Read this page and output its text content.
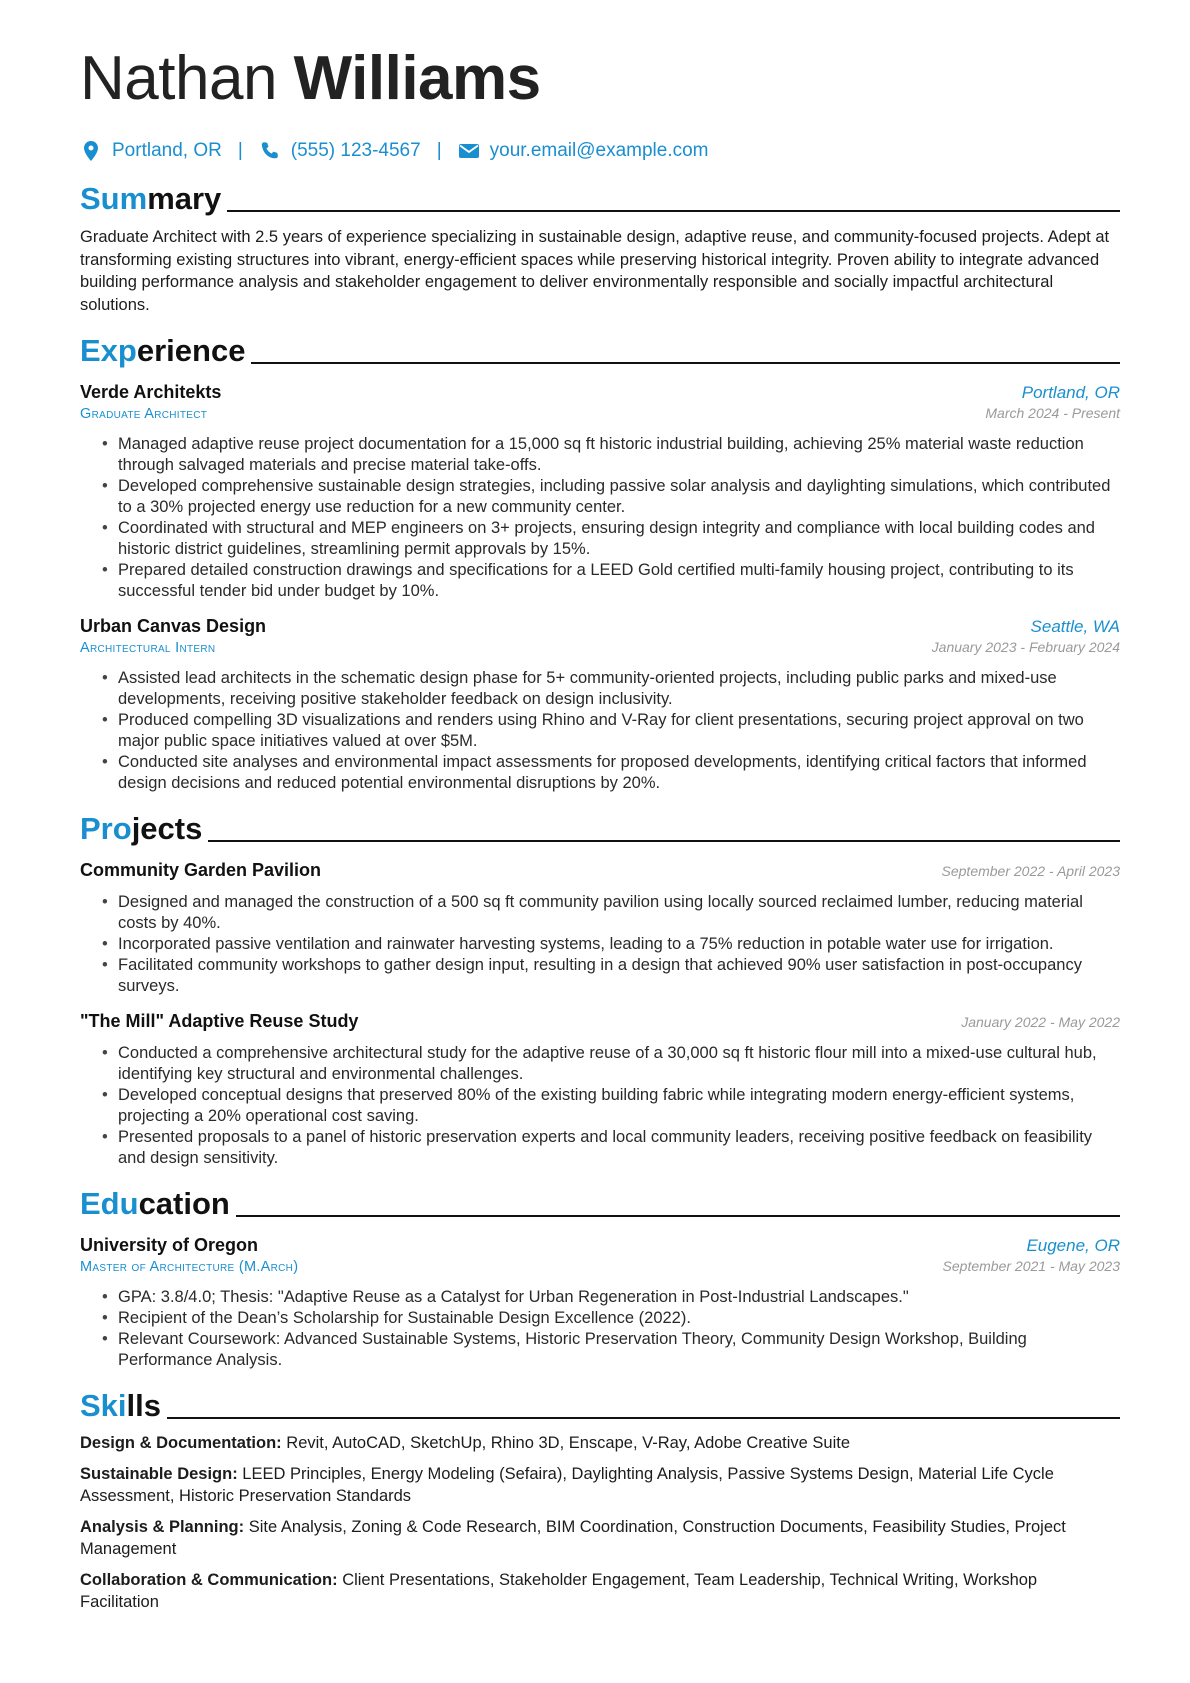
Nathan Williams
Portland, OR |	(555) 123-4567 |	your.email@example.com
Summary
Graduate Architect with 2.5 years of experience specializing in sustainable design, adaptive reuse, and community-focused projects. Adept at transforming existing structures into vibrant, energy-efficient spaces while preserving historical integrity. Proven ability to integrate advanced building performance analysis and stakeholder engagement to deliver environmentally responsible and socially impactful architectural solutions.
Experience
Verde Architekts	Portland, OR
Graduate Architect	March 2024 - Present
• Managed adaptive reuse project documentation for a 15,000 sq ft historic industrial building, achieving 25% material waste reduction through salvaged materials and precise material take-offs.
• Developed comprehensive sustainable design strategies, including passive solar analysis and daylighting simulations, which contributed to a 30% projected energy use reduction for a new community center.
• Coordinated with structural and MEP engineers on 3+ projects, ensuring design integrity and compliance with local building codes and historic district guidelines, streamlining permit approvals by 15%.
• Prepared detailed construction drawings and specifications for a LEED Gold certified multi-family housing project, contributing to its successful tender bid under budget by 10%.
Urban Canvas Design	Seattle, WA
Architectural Intern	January 2023 - February 2024
• Assisted lead architects in the schematic design phase for 5+ community-oriented projects, including public parks and mixed-use developments, receiving positive stakeholder feedback on design inclusivity.
• Produced compelling 3D visualizations and renders using Rhino and V-Ray for client presentations, securing project approval on two major public space initiatives valued at over $5M.
• Conducted site analyses and environmental impact assessments for proposed developments, identifying critical factors that informed design decisions and reduced potential environmental disruptions by 20%.
Projects
Community Garden Pavilion	September 2022 - April 2023
• Designed and managed the construction of a 500 sq ft community pavilion using locally sourced reclaimed lumber, reducing material costs by 40%.
• Incorporated passive ventilation and rainwater harvesting systems, leading to a 75% reduction in potable water use for irrigation.
• Facilitated community workshops to gather design input, resulting in a design that achieved 90% user satisfaction in post-occupancy surveys.
"The Mill" Adaptive Reuse Study	January 2022 - May 2022
• Conducted a comprehensive architectural study for the adaptive reuse of a 30,000 sq ft historic flour mill into a mixed-use cultural hub, identifying key structural and environmental challenges.
• Developed conceptual designs that preserved 80% of the existing building fabric while integrating modern energy-efficient systems, projecting a 20% operational cost saving.
• Presented proposals to a panel of historic preservation experts and local community leaders, receiving positive feedback on feasibility and design sensitivity.
Education
University of Oregon	Eugene, OR
Master of Architecture (M.Arch)	September 2021 - May 2023
• GPA: 3.8/4.0; Thesis: "Adaptive Reuse as a Catalyst for Urban Regeneration in Post-Industrial Landscapes."
• Recipient of the Dean’s Scholarship for Sustainable Design Excellence (2022).
• Relevant Coursework: Advanced Sustainable Systems, Historic Preservation Theory, Community Design Workshop, Building Performance Analysis.
Skills
Design & Documentation: Revit, AutoCAD, SketchUp, Rhino 3D, Enscape, V-Ray, Adobe Creative Suite
Sustainable Design: LEED Principles, Energy Modeling (Sefaira), Daylighting Analysis, Passive Systems Design, Material Life Cycle Assessment, Historic Preservation Standards
Analysis & Planning: Site Analysis, Zoning & Code Research, BIM Coordination, Construction Documents, Feasibility Studies, Project Management
Collaboration & Communication: Client Presentations, Stakeholder Engagement, Team Leadership, Technical Writing, Workshop Facilitation
